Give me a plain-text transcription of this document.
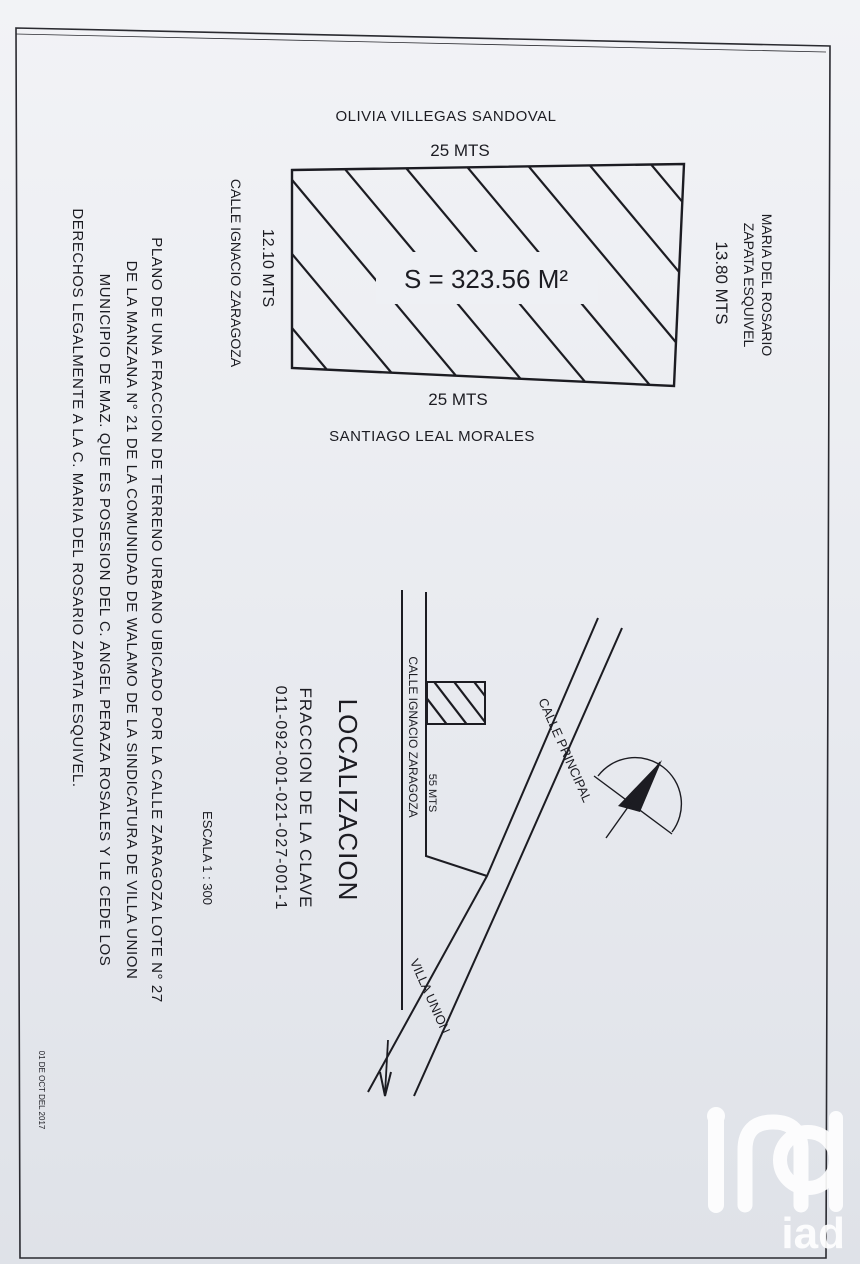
OLIVIA VILLEGAS SANDOVAL
25 MTS
S = 323.56 M²
25 MTS
SANTIAGO LEAL MORALES
CALLE IGNACIO ZARAGOZA 12.10 MTS	MARIA DEL ROSARIO
ZAPATA ESQUIVEL
13.80 MTS
LOCALIZACION
FRACCION DE LA CLAVE
011-092-001-021-027-001-1	CALLE PRINCIPAL
CALLE IGNACIO ZARAGOZA 55 MTS
VILLA UNION
ESCALA 1 : 300
PLANO DE UNA FRACCION DE TERRENO URBANO UBICADO POR LA CALLE ZARAGOZA LOTE N° 27
DE LA MANZANA N° 21 DE LA COMUNIDAD DE WALAMO DE LA SINDICATURA DE VILLA UNION
MUNICIPIO DE MAZ. QUE ES POSESION DEL C. ANGEL PERAZA ROSALES Y LE CEDE LOS
DERECHOS LEGALMENTE A LA C. MARIA DEL ROSARIO ZAPATA ESQUIVEL.
01 DE OCT DEL 2017
iad
